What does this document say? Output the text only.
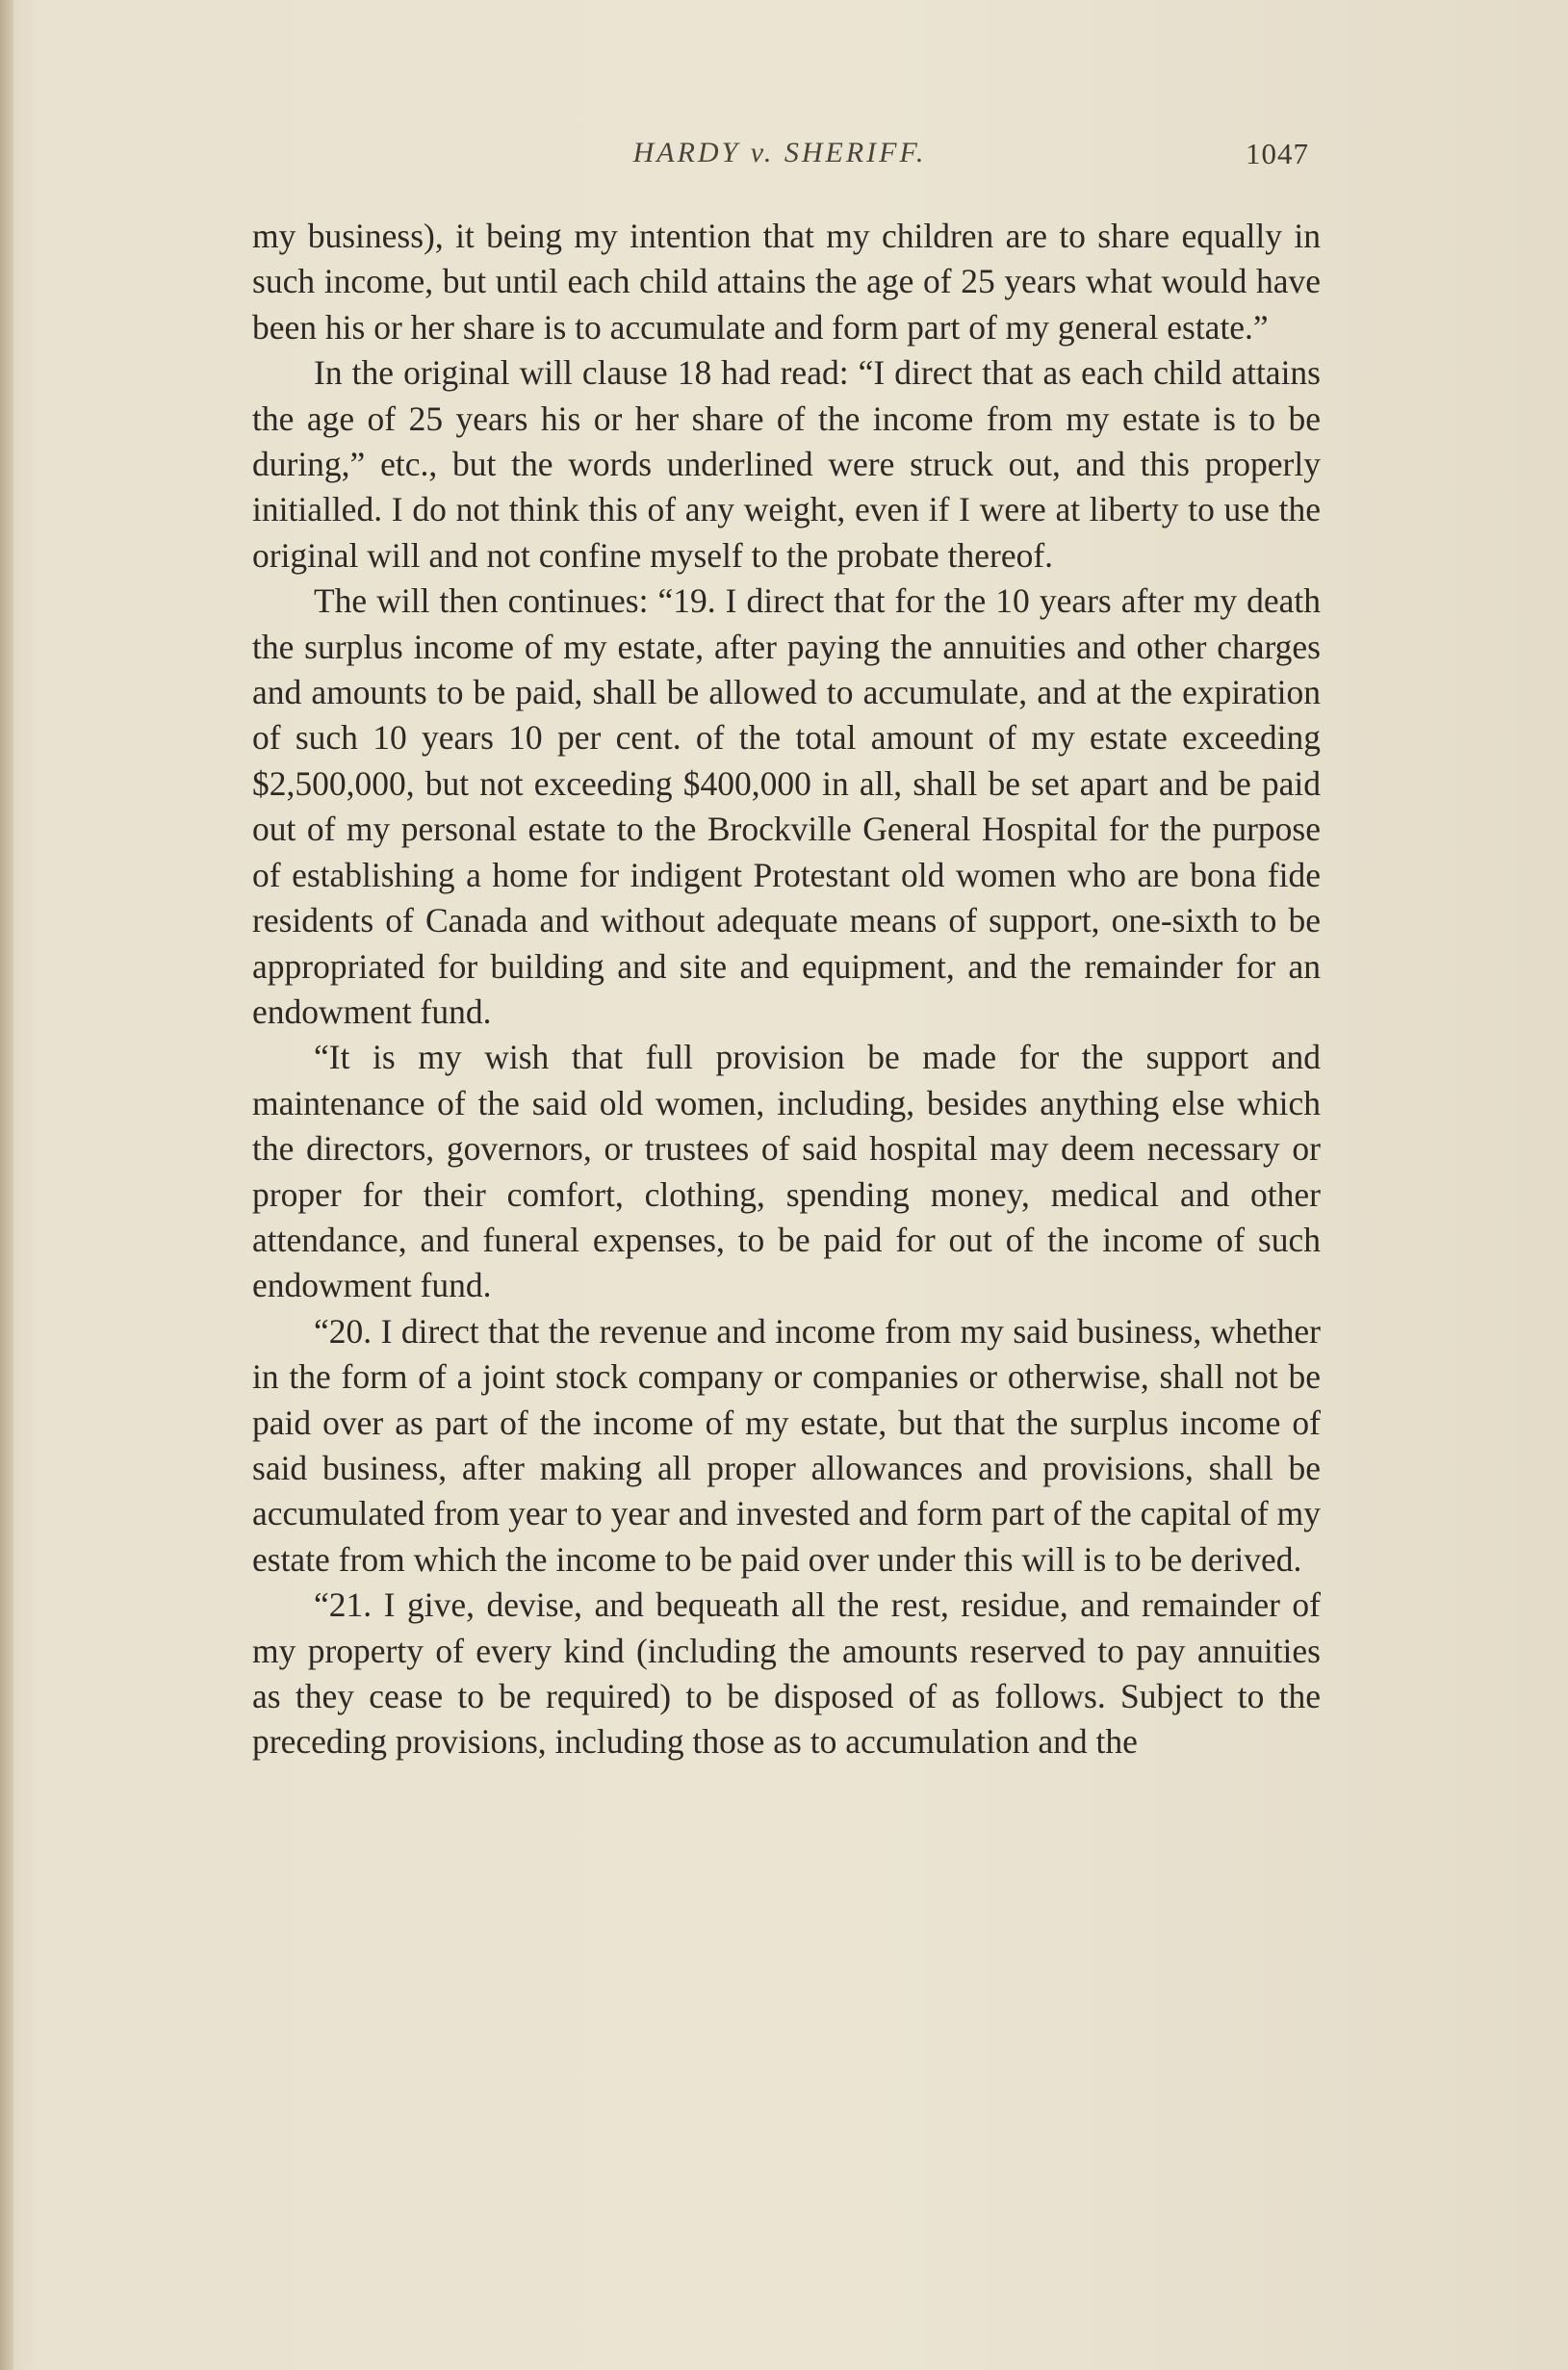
HARDY v. SHERIFF.	1047

my business), it being my intention that my children are to share equally in such income, but until each child attains the age of 25 years what would have been his or her share is to accumulate and form part of my general estate.”

In the original will clause 18 had read: “I direct that as each child attains the age of 25 years his or her share of the income from my estate is to be during,” etc., but the words underlined were struck out, and this properly initialled. I do not think this of any weight, even if I were at liberty to use the original will and not confine myself to the probate thereof.

The will then continues: “19. I direct that for the 10 years after my death the surplus income of my estate, after paying the annuities and other charges and amounts to be paid, shall be allowed to accumulate, and at the expiration of such 10 years 10 per cent. of the total amount of my estate exceeding $2,500,000, but not exceeding $400,000 in all, shall be set apart and be paid out of my personal estate to the Brockville General Hospital for the purpose of establishing a home for indigent Protestant old women who are bona fide residents of Canada and without adequate means of support, one-sixth to be appropriated for building and site and equipment, and the remainder for an endowment fund.

“It is my wish that full provision be made for the support and maintenance of the said old women, including, besides anything else which the directors, governors, or trustees of said hospital may deem necessary or proper for their comfort, clothing, spending money, medical and other attendance, and funeral expenses, to be paid for out of the income of such endowment fund.

“20. I direct that the revenue and income from my said business, whether in the form of a joint stock company or companies or otherwise, shall not be paid over as part of the income of my estate, but that the surplus income of said business, after making all proper allowances and provisions, shall be accumulated from year to year and invested and form part of the capital of my estate from which the income to be paid over under this will is to be derived.

“21. I give, devise, and bequeath all the rest, residue, and remainder of my property of every kind (including the amounts reserved to pay annuities as they cease to be required) to be disposed of as follows. Subject to the preceding provisions, including those as to accumulation and the
